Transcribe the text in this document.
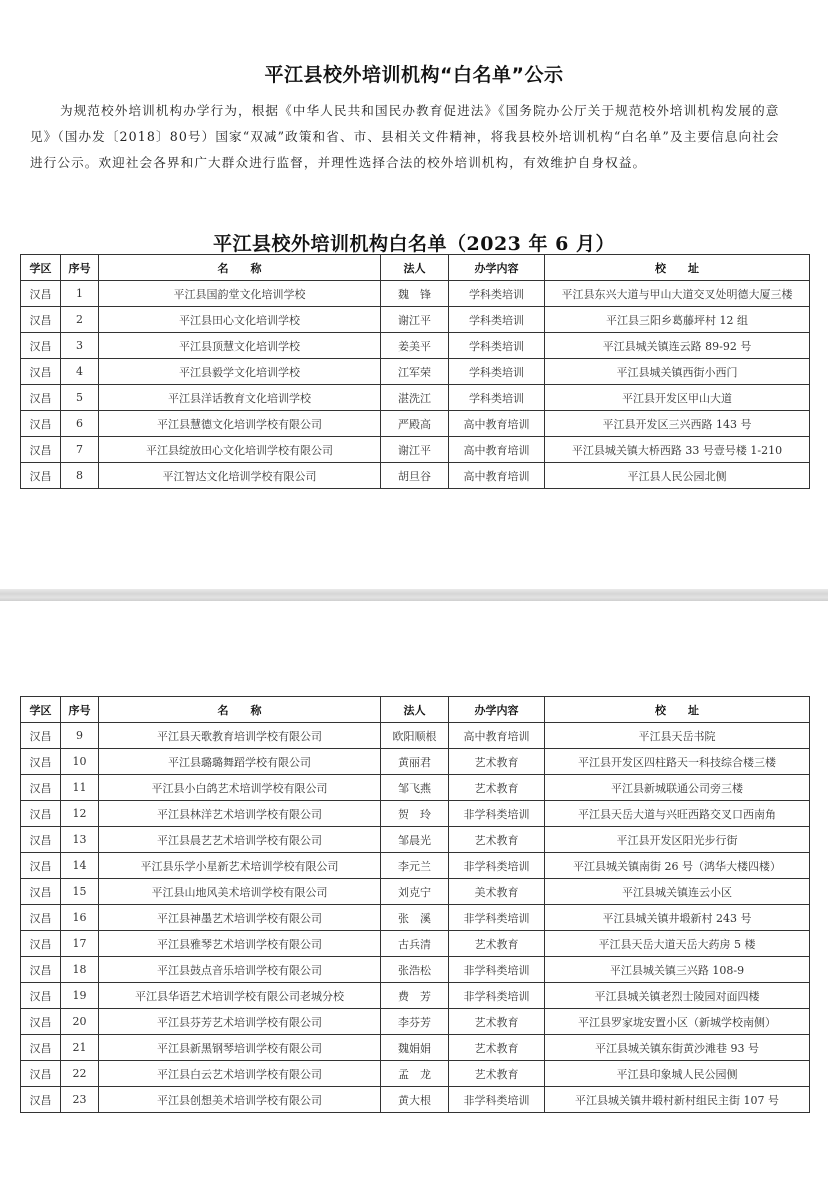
平江县校外培训机构“白名单”公示
为规范校外培训机构办学行为，根据《中华人民共和国民办教育促进法》《国务院办公厅关于规范校外培训机构发展的意见》（国办发〔2018〕80号）国家“双减”政策和省、市、县相关文件精神，将我县校外培训机构“白名单”及主要信息向社会进行公示。欢迎社会各界和广大群众进行监督，并理性选择合法的校外培训机构，有效维护自身权益。
平江县校外培训机构白名单（2023 年 6 月）
学区	序号	名　　称	法人	办学内容	校　　址
汉昌	1	平江县国韵堂文化培训学校	魏　锋	学科类培训	平江县东兴大道与甲山大道交叉处明德大厦三楼
汉昌	2	平江县田心文化培训学校	谢江平	学科类培训	平江县三阳乡葛藤坪村 12 组
汉昌	3	平江县顶慧文化培训学校	姜美平	学科类培训	平江县城关镇连云路 89-92 号
汉昌	4	平江县毅学文化培训学校	江军荣	学科类培训	平江县城关镇西街小西门
汉昌	5	平江县洋话教育文化培训学校	湛洗江	学科类培训	平江县开发区甲山大道
汉昌	6	平江县慧德文化培训学校有限公司	严殿高	高中教育培训	平江县开发区三兴西路 143 号
汉昌	7	平江县绽放田心文化培训学校有限公司	谢江平	高中教育培训	平江县城关镇大桥西路 33 号壹号楼 1-210
汉昌	8	平江智达文化培训学校有限公司	胡旦谷	高中教育培训	平江县人民公园北侧
学区	序号	名　　称	法人	办学内容	校　　址
汉昌	9	平江县天歌教育培训学校有限公司	欧阳顺根	高中教育培训	平江县天岳书院
汉昌	10	平江县璐璐舞蹈学校有限公司	黄丽君	艺术教育	平江县开发区四柱路天一科技综合楼三楼
汉昌	11	平江县小白鸽艺术培训学校有限公司	邹飞燕	艺术教育	平江县新城联通公司旁三楼
汉昌	12	平江县林洋艺术培训学校有限公司	贺　玲	非学科类培训	平江县天岳大道与兴旺西路交叉口西南角
汉昌	13	平江县晨艺艺术培训学校有限公司	邹晨光	艺术教育	平江县开发区阳光步行街
汉昌	14	平江县乐学小星新艺术培训学校有限公司	李元兰	非学科类培训	平江县城关镇南街 26 号（鸿华大楼四楼）
汉昌	15	平江县山地风美术培训学校有限公司	刘克宁	美术教育	平江县城关镇连云小区
汉昌	16	平江县神墨艺术培训学校有限公司	张　溪	非学科类培训	平江县城关镇井塅新村 243 号
汉昌	17	平江县雅琴艺术培训学校有限公司	古兵清	艺术教育	平江县天岳大道天岳大药房 5 楼
汉昌	18	平江县鼓点音乐培训学校有限公司	张浩松	非学科类培训	平江县城关镇三兴路 108-9
汉昌	19	平江县华语艺术培训学校有限公司老城分校	费　芳	非学科类培训	平江县城关镇老烈士陵园对面四楼
汉昌	20	平江县芬芳艺术培训学校有限公司	李芬芳	艺术教育	平江县罗家垅安置小区（新城学校南侧）
汉昌	21	平江县新黑钢琴培训学校有限公司	魏娟娟	艺术教育	平江县城关镇东街黄沙滩巷 93 号
汉昌	22	平江县白云艺术培训学校有限公司	孟　龙	艺术教育	平江县印象城人民公园侧
汉昌	23	平江县创想美术培训学校有限公司	黄大根	非学科类培训	平江县城关镇井塅村新村组民主街 107 号
